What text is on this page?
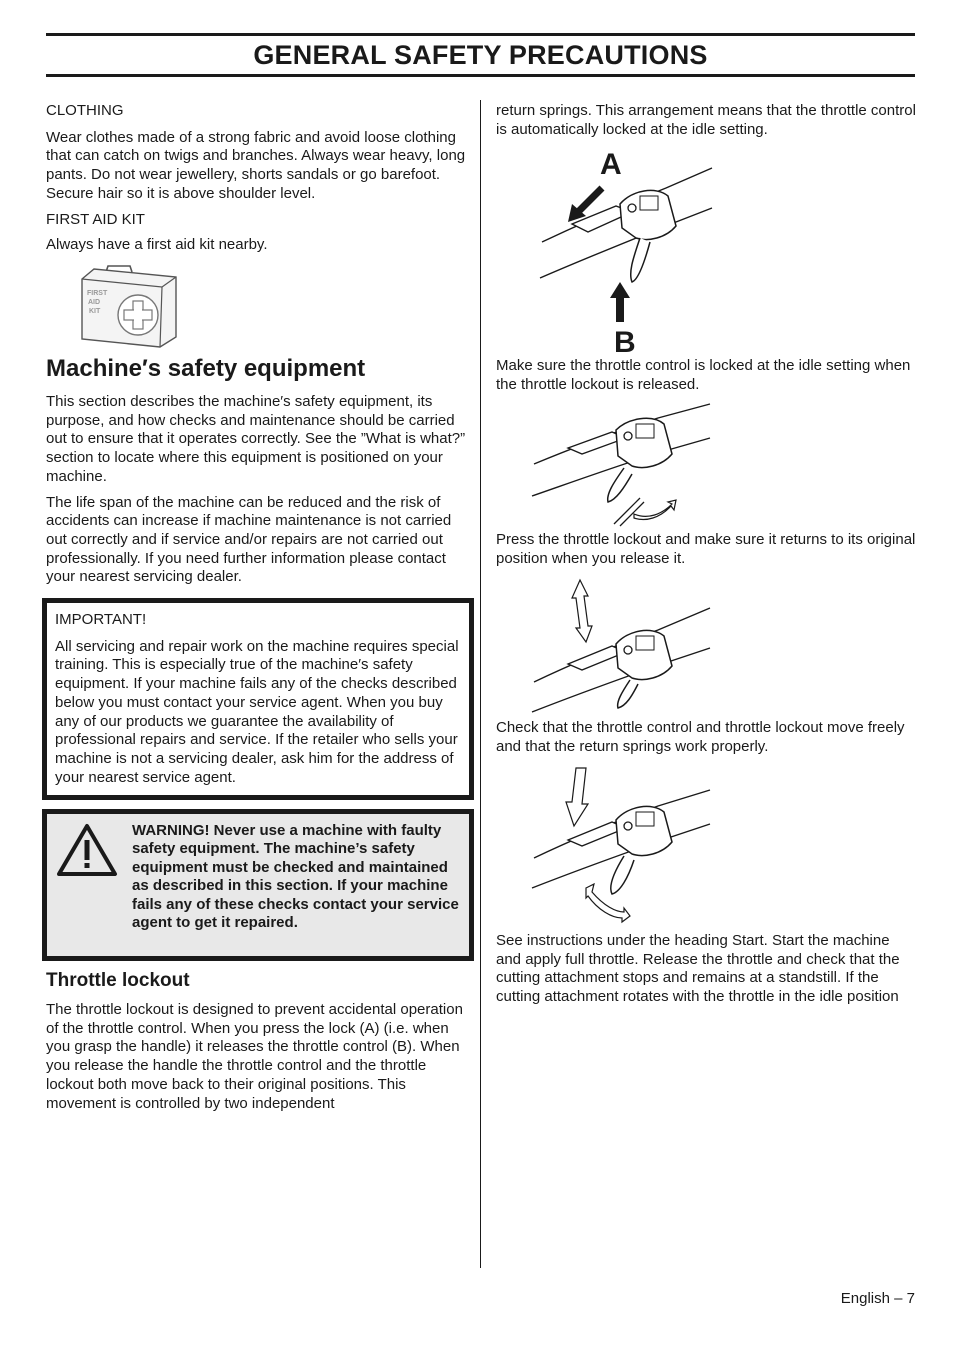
GENERAL SAFETY PRECAUTIONS

CLOTHING

Wear clothes made of a strong fabric and avoid loose clothing that can catch on twigs and branches. Always wear heavy, long pants. Do not wear jewellery, shorts sandals or go barefoot. Secure hair so it is above shoulder level.

FIRST AID KIT

Always have a first aid kit nearby.

FIRST
AID
KIT
Machine′s safety equipment

This section describes the machine′s safety equipment, its purpose, and how checks and maintenance should be carried out to ensure that it operates correctly. See the ”What is what?” section to locate where this equipment is positioned on your machine.

The life span of the machine can be reduced and the risk of accidents can increase if machine maintenance is not carried out correctly and if service and/or repairs are not carried out professionally. If you need further information please contact your nearest servicing dealer.

IMPORTANT!

All servicing and repair work on the machine requires special training. This is especially true of the machine′s safety equipment. If your machine fails any of the checks described below you must contact your service agent. When you buy any of our products we guarantee the availability of professional repairs and service. If the retailer who sells your machine is not a servicing dealer, ask him for the address of your nearest service agent.

WARNING! Never use a machine with faulty safety equipment. The machine’s safety equipment must be checked and maintained as described in this section. If your machine fails any of these checks contact your service agent to get it repaired.
Throttle lockout

The throttle lockout is designed to prevent accidental operation of the throttle control. When you press the lock (A) (i.e. when you grasp the handle) it releases the throttle control (B). When you release the handle the throttle control and the throttle lockout both move back to their original positions. This movement is controlled by two independent

return springs. This arrangement means that the throttle control is automatically locked at the idle setting.

A
B

Make sure the throttle control is locked at the idle setting when the throttle lockout is released.

Press the throttle lockout and make sure it returns to its original position when you release it.

Check that the throttle control and throttle lockout move freely and that the return springs work properly.

See instructions under the heading Start. Start the machine and apply full throttle. Release the throttle and check that the cutting attachment stops and remains at a standstill. If the cutting attachment rotates with the throttle in the idle position

English – 7
